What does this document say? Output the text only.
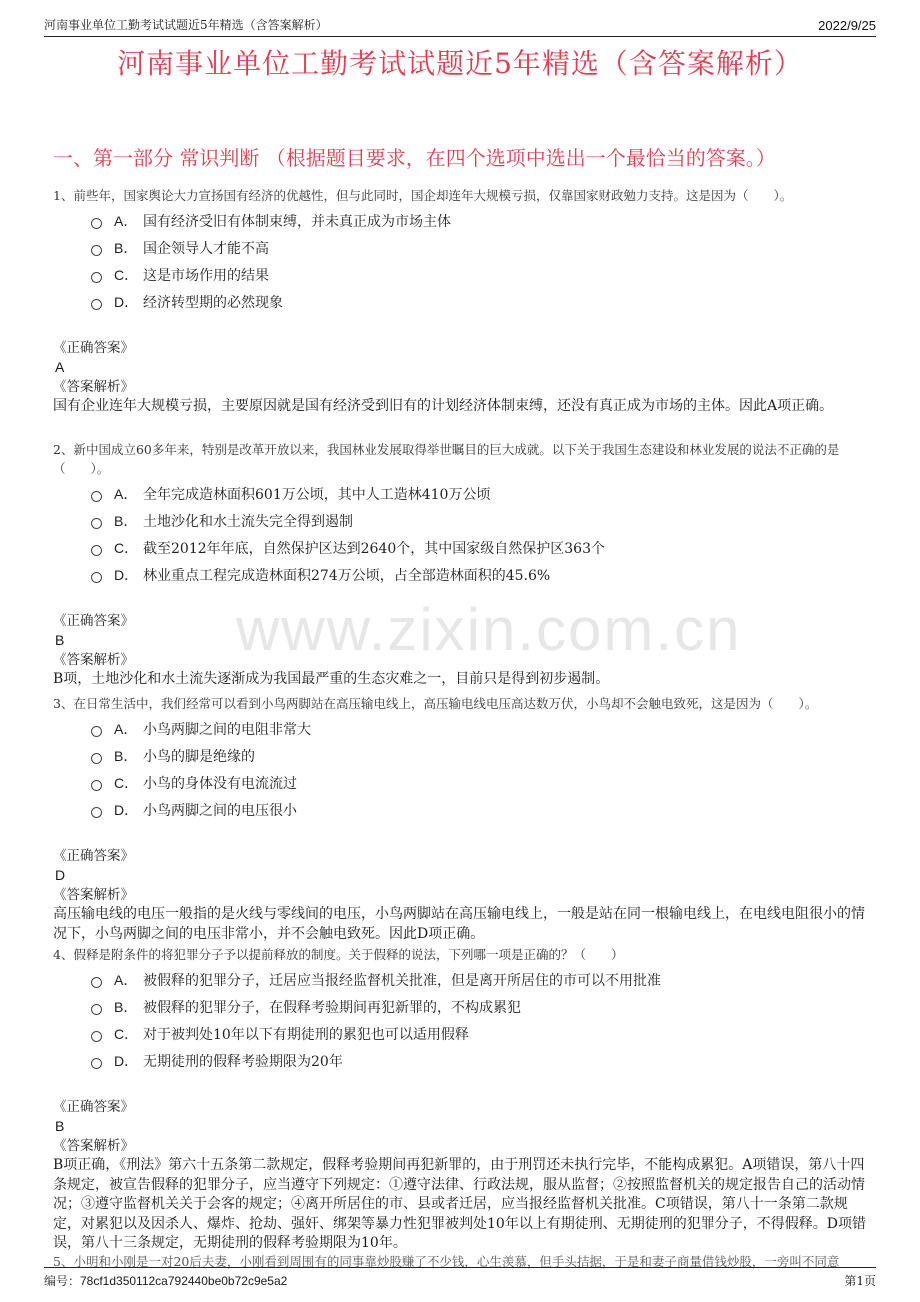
河南事业单位工勤考试试题近5年精选（含答案解析）	2022/9/25
河南事业单位工勤考试试题近5年精选（含答案解析）
一、第一部分 常识判断 （根据题目要求，在四个选项中选出一个最恰当的答案。）
1、前些年，国家舆论大力宣扬国有经济的优越性，但与此同时，国企却连年大规模亏损，仅靠国家财政勉力支持。这是因为（　　）。
A． 国有经济受旧有体制束缚，并未真正成为市场主体
B． 国企领导人才能不高
C． 这是市场作用的结果
D． 经济转型期的必然现象
《正确答案》
A
《答案解析》
国有企业连年大规模亏损，主要原因就是国有经济受到旧有的计划经济体制束缚，还没有真正成为市场的主体。因此A项正确。
2、新中国成立60多年来，特别是改革开放以来，我国林业发展取得举世瞩目的巨大成就。以下关于我国生态建设和林业发展的说法不正确的是（　　）。
A． 全年完成造林面积601万公顷，其中人工造林410万公顷
B． 土地沙化和水土流失完全得到遏制
C． 截至2012年年底，自然保护区达到2640个，其中国家级自然保护区363个
D． 林业重点工程完成造林面积274万公顷，占全部造林面积的45.6%
《正确答案》
B
《答案解析》
B项，土地沙化和水土流失逐渐成为我国最严重的生态灾难之一，目前只是得到初步遏制。
3、在日常生活中，我们经常可以看到小鸟两脚站在高压输电线上，高压输电线电压高达数万伏，小鸟却不会触电致死，这是因为（　　）。
A． 小鸟两脚之间的电阻非常大
B． 小鸟的脚是绝缘的
C． 小鸟的身体没有电流流过
D． 小鸟两脚之间的电压很小
《正确答案》
D
《答案解析》
高压输电线的电压一般指的是火线与零线间的电压，小鸟两脚站在高压输电线上，一般是站在同一根输电线上，在电线电阻很小的情况下，小鸟两脚之间的电压非常小，并不会触电致死。因此D项正确。
4、假释是附条件的将犯罪分子予以提前释放的制度。关于假释的说法，下列哪一项是正确的？（　　）
A． 被假释的犯罪分子，迁居应当报经监督机关批准，但是离开所居住的市可以不用批准
B． 被假释的犯罪分子，在假释考验期间再犯新罪的，不构成累犯
C． 对于被判处10年以下有期徒刑的累犯也可以适用假释
D． 无期徒刑的假释考验期限为20年
《正确答案》
B
《答案解析》
B项正确，《刑法》第六十五条第二款规定，假释考验期间再犯新罪的，由于刑罚还未执行完毕，不能构成累犯。A项错误，第八十四条规定，被宣告假释的犯罪分子，应当遵守下列规定：①遵守法律、行政法规，服从监督；②按照监督机关的规定报告自己的活动情况；③遵守监督机关关于会客的规定；④离开所居住的市、县或者迁居，应当报经监督机关批准。C项错误，第八十一条第二款规定，对累犯以及因杀人、爆炸、抢劫、强奸、绑架等暴力性犯罪被判处10年以上有期徒刑、无期徒刑的犯罪分子，不得假释。D项错误，第八十三条规定，无期徒刑的假释考验期限为10年。
www.zixin.com.cn
5、小明和小刚是一对20后夫妻，小刚看到周围有的同事靠炒股赚了不少钱，心生羡慕，但手头拮据，于是和妻子商量借钱炒股，一旁叫不同意
编号：78cf1d350112ca792440be0b72c9e5a2	第1页
